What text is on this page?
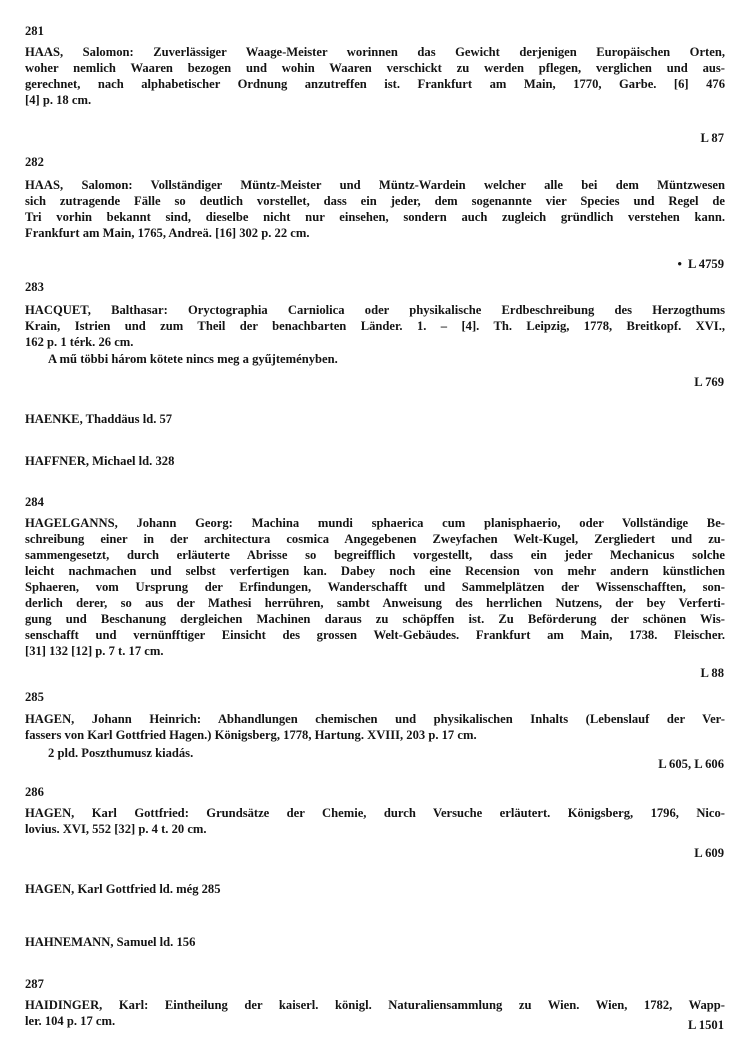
281
HAAS, Salomon: Zuverlässiger Waage-Meister worinnen das Gewicht derjenigen Europäischen Orten,
woher nemlich Waaren bezogen und wohin Waaren verschickt zu werden pflegen, verglichen und aus-
gerechnet, nach alphabetischer Ordnung anzutreffen ist. Frankfurt am Main, 1770, Garbe. [6] 476
[4] p. 18 cm.
L 87
282
HAAS, Salomon: Vollständiger Müntz-Meister und Müntz-Wardein welcher alle bei dem Müntzwesen
sich zutragende Fälle so deutlich vorstellet, dass ein jeder, dem sogenannte vier Species und Regel de
Tri vorhin bekannt sind, dieselbe nicht nur einsehen, sondern auch zugleich gründlich verstehen kann.
Frankfurt am Main, 1765, Andreä. [16] 302 p. 22 cm.
• L 4759
283
HACQUET, Balthasar: Oryctographia Carniolica oder physikalische Erdbeschreibung des Herzogthums
Krain, Istrien und zum Theil der benachbarten Länder. 1. – [4]. Th. Leipzig, 1778, Breitkopf. XVI.,
162 p. 1 térk. 26 cm.
A mű többi három kötete nincs meg a gyűjteményben.
L 769
HAENKE, Thaddäus ld. 57
HAFFNER, Michael ld. 328
284
HAGELGANNS, Johann Georg: Machina mundi sphaerica cum planisphaerio, oder Vollständige Be-
schreibung einer in der architectura cosmica Angegebenen Zweyfachen Welt-Kugel, Zergliedert und zu-
sammengesetzt, durch erläuterte Abrisse so begreifflich vorgestellt, dass ein jeder Mechanicus solche
leicht nachmachen und selbst verfertigen kan. Dabey noch eine Recension von mehr andern künstlichen
Sphaeren, vom Ursprung der Erfindungen, Wanderschafft und Sammelplätzen der Wissenschafften, son-
derlich derer, so aus der Mathesi herrühren, sambt Anweisung des herrlichen Nutzens, der bey Verferti-
gung und Beschanung dergleichen Machinen daraus zu schöpffen ist. Zu Beförderung der schönen Wis-
senschafft und vernünfftiger Einsicht des grossen Welt-Gebäudes. Frankfurt am Main, 1738. Fleischer.
[31] 132 [12] p. 7 t. 17 cm.
L 88
285
HAGEN, Johann Heinrich: Abhandlungen chemischen und physikalischen Inhalts (Lebenslauf der Ver-
fassers von Karl Gottfried Hagen.) Königsberg, 1778, Hartung. XVIII, 203 p. 17 cm.
2 pld. Poszthumusz kiadás.
L 605, L 606
286
HAGEN, Karl Gottfried: Grundsätze der Chemie, durch Versuche erläutert. Königsberg, 1796, Nico-
lovius. XVI, 552 [32] p. 4 t. 20 cm.
L 609
HAGEN, Karl Gottfried ld. még 285
HAHNEMANN, Samuel ld. 156
287
HAIDINGER, Karl: Eintheilung der kaiserl. königl. Naturaliensammlung zu Wien. Wien, 1782, Wapp-
ler. 104 p. 17 cm.	L 1501
